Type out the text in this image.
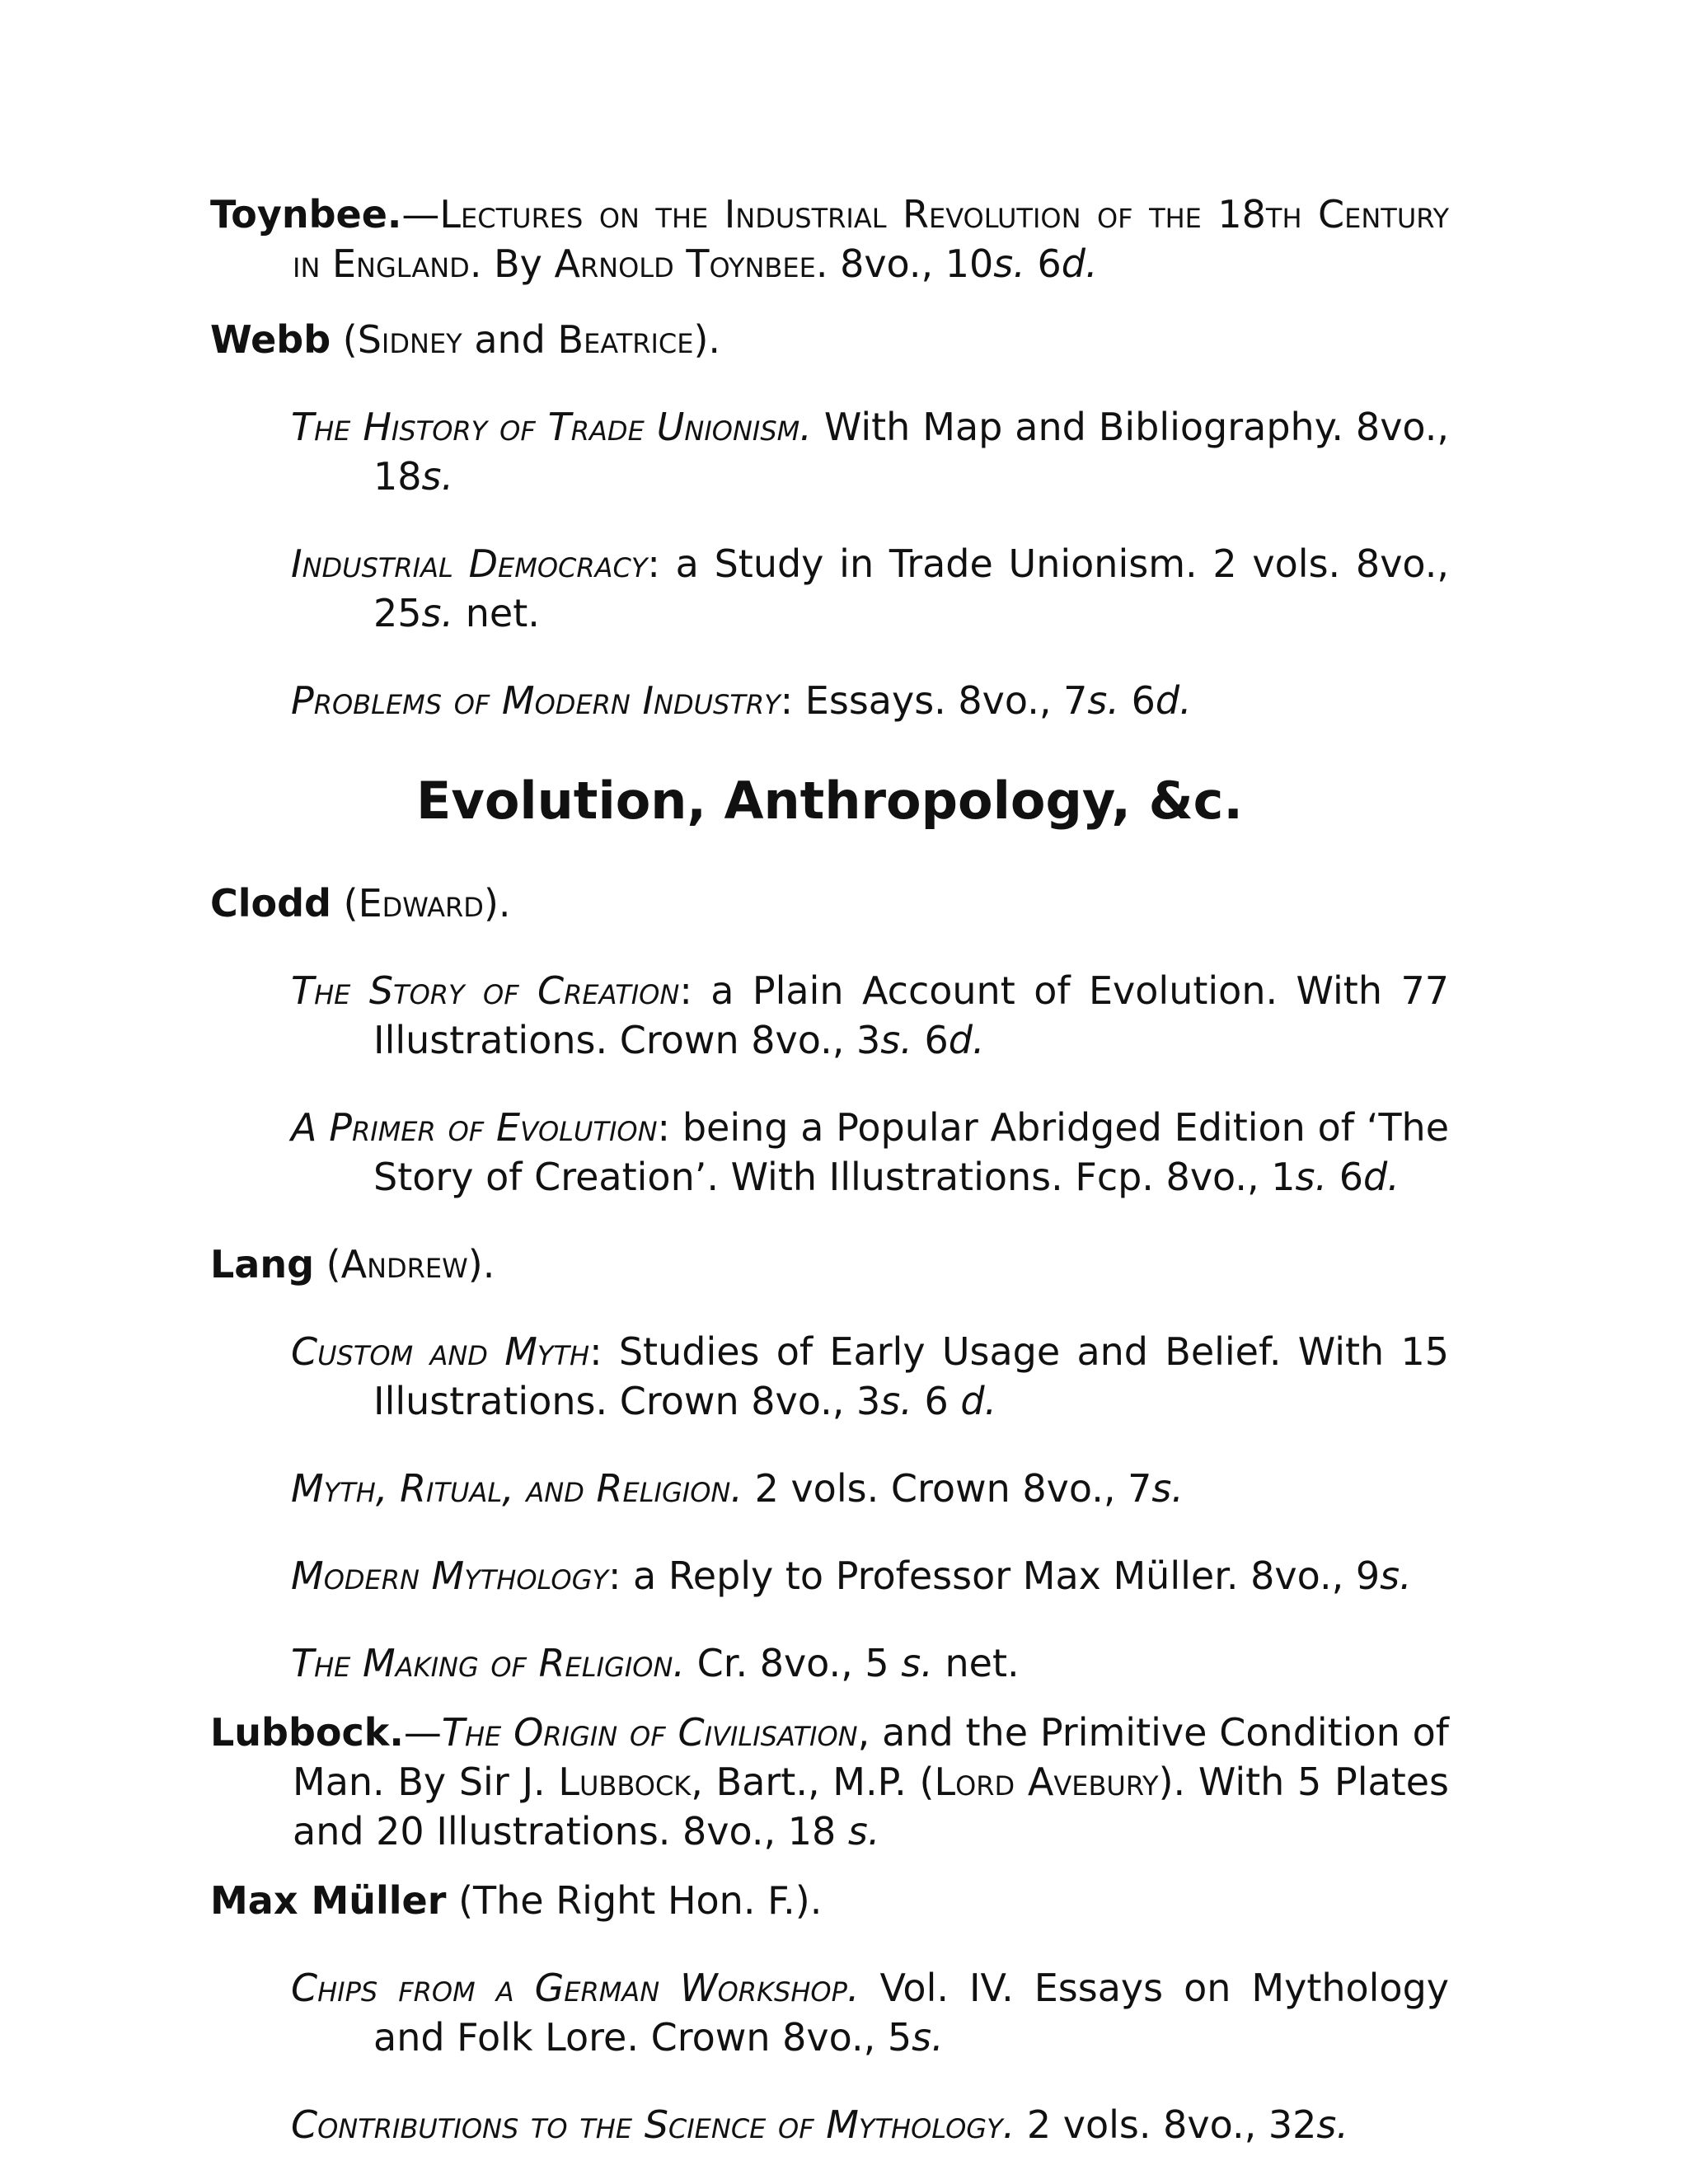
Toynbee.—Lectures on the Industrial Revolution of the 18th Century in England. By Arnold Toynbee. 8vo., 10s. 6d.

Webb (Sidney and Beatrice).

The History of Trade Unionism. With Map and Bibliography. 8vo., 18s.

Industrial Democracy: a Study in Trade Unionism. 2 vols. 8vo., 25s. net.

Problems of Modern Industry: Essays. 8vo., 7s. 6d.

Evolution, Anthropology, &c.

Clodd (Edward).

The Story of Creation: a Plain Account of Evolution. With 77 Illustrations. Crown 8vo., 3s. 6d.

A Primer of Evolution: being a Popular Abridged Edition of ‘The Story of Creation’. With Illustrations. Fcp. 8vo., 1s. 6d.

Lang (Andrew).

Custom and Myth: Studies of Early Usage and Belief. With 15 Illustrations. Crown 8vo., 3s. 6 d.

Myth, Ritual, and Religion. 2 vols. Crown 8vo., 7s.

Modern Mythology: a Reply to Professor Max Müller. 8vo., 9s.

The Making of Religion. Cr. 8vo., 5 s. net.

Lubbock.—The Origin of Civilisation, and the Primitive Condition of Man. By Sir J. Lubbock, Bart., M.P. (Lord Avebury). With 5 Plates and 20 Illustrations. 8vo., 18 s.

Max Müller (The Right Hon. F.).

Chips from a German Workshop. Vol. IV. Essays on Mythology and Folk Lore. Crown 8vo., 5s.

Contributions to the Science of Mythology. 2 vols. 8vo., 32s.
